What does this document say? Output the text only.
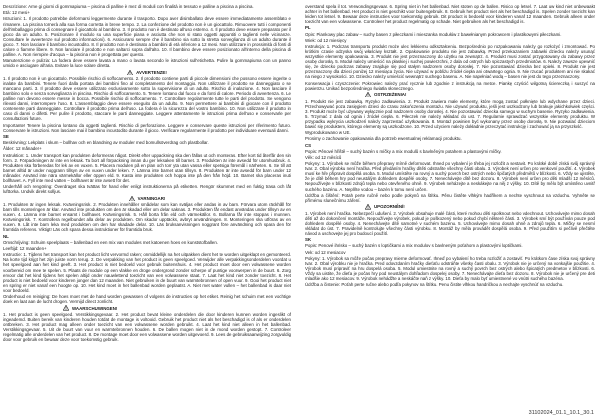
Descrizione: Arne gi giorni di gommapiuma – piscina di palline è mez di moduli con finalità in tessuto e palline a piscina a piscina.

Età: 12 mesi+

Istruzioni: 1. Il prodotto potrebbe deformarsi leggermente durante il trasporto. Dopo aver disimballato deve essere immediatamente assemblato e rimanere. La piscina tornerà alla sua forma corretta in breve tempo. 2. La confezione del prodotto non è un giocattolo. Rimuovere tutti i componenti dell'imballaggio prima di consegnare il giocattolo al bambino. 3. Il prodotto non è destinato all'uso esterno. 4. Il prodotto deve essere preparato per il gioco da un adulto. 5. Posizionare il modulo su una superficie piana e asciutta che non si stato oggetti appuntiti o taglienti nelle vicinanze. Consultare le avvertenze sul prodotto informazioni). 6. Assicurarsi sempre che il bambino sia sotto la stretta sorveglianza di un adulto durante il gioco. 7. Non lasciare il bambino incustodito. 8. Il prodotto non è destinato a bambini di età inferiore a 12 mesi. Non utilizzare in prossimità di fonti di calore o fiamme libere. 9. Non lanciare il prodotto e non saltarci sopra dall'alto. 10. Il bambino deve essere posizionato all'interno della piscina di palline. A. Non riempire d'acqua – la piscina non è progettata per questo.

Manutenzione e pulizia: La fodera deve essere lavata a mano o lavata secondo le istruzioni sull'etichetta. Pulire la gommapiuma con un panno umido e asciugare all'aria. Evitare la luce solare diretta.

AVVERTENZE!

1. Il prodotto non è un giocattolo. Possibile rischio di soffocamento. 2. Il prodotto contiene parti di piccole dimensioni che possono essere ingerite o inalate da bambini. Tenere fuori dalla portata dei bambini fino al completamento del montaggio. Non utilizzare il prodotto se danneggiato o se mancano parti. 3. Il prodotto deve essere utilizzato esclusivamente sotto la supervisione di un adulto. Rischio di inalazione. 4. Non lasciare il bambino solo e senza sorveglianza in piscina. Rischio di soffocamento. 5. Tenere lontano dal fuoco e da fonti di calore. Periodo di avvertenza. 6. Le palline non devono essere messe in bocca. Possibile rischio di soffocamento. 7. Controllare regolarmente tutte le parti del prodotto. Se vengono rilevati danni, interrompere l'uso. 8. L'assemblaggio deve essere eseguito da un adulto. 9. Non permettere ai bambini di giocare con il prodotto contenente parti danneggiate. Controllare il prodotto prima dell'uso. La fodera è la sicurezza del vostro bambino. 10. Non utilizzare il prodotto in caso di danni o difetti. Per pulire il prodotto, staccare le parti danneggiate. Leggere attentamente le istruzioni prima dell'uso e conservarle per consultazioni future.

Importante! Tenere la piscina lontano da oggetti taglienti. Rischio di perforazione. Leggere e conservare queste istruzioni per riferimento futuro. Conservare le istruzioni. Non lasciare mai il bambino incustodito durante il gioco. Verificare regolarmente il prodotto per individuare eventuali danni.

SE

Beskrivning: Lekplats i skum – bollhav och en blandning av moduler med bomullsöverdrag och plastbollar.

Ålder: 12 månader+

Instruktion: 1. Under transport kan produkten deformeras något. Direkt efter uppackning ska den fällas ut och monteras. Efter kort tid återfår den sin form. 2. Förpackningen är inte en leksak. Ta bort all förpackning innan du ger leksaken till barnet. 3. Produkten är inte avsedd för utomhusbruk. 4. Produkten ska förberedas för lek av en vuxen. 5. Placera modulen på en plan och torr yta utan vassa eller spetsiga föremål i närheten. 6. Se till att barnet alltid är under noggrann tillsyn av en vuxen under leken. 7. Lämna inte barnet utan tillsyn. 8. Produkten är inte avsedd för barn under 12 månader. Använd inte nära värmekällor eller öppen eld. 9. Kasta inte produkten och hoppa inte på den från höjd. 10. Barnet ska placeras inuti bollhavet. A. Fyll inte med vatten – bollhavet är inte avsett för det.

Underhåll och rengöring: Överdraget ska tvättas för hand eller enligt instruktionerna på etiketten. Rengör skummet med en fuktig trasa och låt lufttorka. Undvik direkt solljus.

VARNINGAR!

1. Produkten är ingen leksak. Kvävningsrisk. 2. Produkten innehåller smådelar som kan sväljas eller andas in av barn. Förvara utom räckhåll för barn tills monteringen är klar. Använd inte produkten om den är skadad eller om delar saknas. 3. Produkten får endast användas under tillsyn av en vuxen. 4. Lämna inte barnet ensamt i bollhavet. Kvävningsrisk. 5. Håll borta från eld och värmekällor. 6. Bollarna får inte stoppas i munnen. Kvävningsrisk. 7. Kontrollera regelbundet alla delar av produkten. Om skador upptäcks, avbryt användningen. 8. Monteringen ska utföras av en vuxen. 9. Låt inte barn leka med produkten om den har skadade delar. 10. Läs bruksanvisningen noggrant före användning och spara den för framtida referens. Viktigt! Läs och spara dessa instruktioner för framtida bruk.

NL

Omschrijving: Schuim speelplaats – ballenbad en een mix van modules met katoenen hoes en kunststofballen.

Leeftijd: 12 maanden+

Instructie: 1. Tijdens het transport kan het product licht vervormd raken; onmiddellijk na het uitpakken dient het te worden uitgeklapt en gemonteerd. Na korte tijd krijgt het zijn juiste vorm terug. 2. De verpakking van het product is geen speelgoed. Verwijder alle verpakkingsonderdelen voordat u het speelgoed aan het kind geeft. 3. Het product is niet bedoeld voor gebruik buitenshuis. 4. Het product moet door een volwassene worden voorbereid om mee te spelen. 5. Plaats de module op een vlakke en droge ondergrond zonder scherpe of puntige voorwerpen in de buurt. 6. Zorg ervoor dat het kind tijdens het spelen altijd onder nauwlettend toezicht van een volwassene staat. 7. Laat het kind niet zonder toezicht. 8. Het product is niet bedoeld voor kinderen jonger dan 12 maanden. Niet gebruiken in de buurt van warmtebronnen of open vuur. 9. Gooi het product niet en spring er niet vanaf een hoogte op. 10. Het kind moet in het ballenbad worden geplaatst. A. Niet met water vullen – het ballenbad is daar niet voor bedoeld.

Onderhoud en reiniging: De hoes moet met de hand worden gewassen of volgens de instructies op het etiket. Reinig het schuim met een vochtige doek en laat aan de lucht drogen. Vermijd direct zonlicht.

WAARSCHUWINGEN!

1. Het product is geen speelgoed. Verstikkingsgevaar. 2. Het product bevat kleine onderdelen die door kinderen kunnen worden ingeslikt of ingeademd. Buiten bereik van kinderen houden totdat de montage is voltooid. Gebruik het product niet als het beschadigd is of als er onderdelen ontbreken. 3. Het product mag alleen onder toezicht van een volwassene worden gebruikt. 4. Laat het kind niet alleen in het ballenbad. Verstikkingsgevaar. 5. Uit de buurt van vuur en warmtebronnen houden. 6. De ballen mogen niet in de mond worden gestopt. 7. Controleer regelmatig alle onderdelen van het product. 8. De montage moet door een volwassene worden uitgevoerd. 9. Lees de gebruiksaanwijzing zorgvuldig door voor gebruik en bewaar deze voor toekomstig gebruik.

overstand spela il tot. Verwondingsgevaar. 6. Spring niet in het ballenbad. Niet stoten op de ballen. Risico op letsel. 7. Laat uw kind niet onbewaakt achter in het ballenbad. Het product is niet geschikt voor buitengebruik. 8. Gebruik het product niet als het beschadigd is. Spelen zonder toezicht kan leiden tot letsel. 9. Bewaar deze instructies voor toekomstig gebruik. Dit product is bedoeld voor kinderen vanaf 12 maanden. Gebruik alleen onder toezicht van een volwassene. Controleer het product regelmatig op schade. Niet gebruiken als het beschadigd is.

PL

Opis: Piankowy plac zabaw – suchy basen z piłeczkami i mieszanka modułów z bawełnianym pokrowcem i plastikowymi piłeczkami.

Wiek: od 12 miesięcy

Instrukcja: 1. Podczas transportu produkt może ulec lekkiemu odkształceniu. Bezpośrednio po rozpakowaniu należy go rozłożyć i zmontować. Po krótkim czasie odzyska swój właściwy kształt. 2. Opakowanie produktu nie jest zabawką. Przed przekazaniem zabawki dziecku należy usunąć wszystkie elementy opakowania. 3. Produkt nie jest przeznaczony do użytku na zewnątrz. 4. Produkt musi zostać przygotowany do zabawy przez osobę dorosłą. 5. Moduł należy umieścić na płaskiej i suchej powierzchni, z dala od ostrych lub spiczastych przedmiotów. 6. Należy zawsze upewnić się, że dziecko podczas zabawy znajduje się pod stałym nadzorem osoby dorosłej. 7. Nie pozostawiać dziecka bez opieki. 8. Produkt nie jest przeznaczony dla dzieci poniżej 12 miesiąca życia. Nie używać w pobliżu źródeł ciepła ani otwartego ognia. 9. Nie rzucać produktem ani nie skakać na niego z wysokości. 10. Dziecko należy umieścić wewnątrz suchego basenu. A. Nie napełniać wodą – basen nie jest do tego przeznaczony.

Konserwacja i czyszczenie: Pokrowiec należy prać ręcznie lub zgodnie z instrukcją na metce. Piankę czyścić wilgotną ściereczką i suszyć na powietrzu. Unikać bezpośredniego światła słonecznego.

OSTRZEŻENIA!

1. Produkt nie jest zabawką. Ryzyko zadławienia. 2. Produkt zawiera małe elementy, które mogą zostać połknięte lub wdychane przez dzieci. Przechowywać poza zasięgiem dzieci do czasu zakończenia montażu. Nie używać produktu, jeśli jest uszkodzony lub brakuje jakichkolwiek części. 3. Produkt może być używany wyłącznie pod nadzorem osoby dorosłej. 4. Nie pozostawiać dziecka samego w suchym basenie. Ryzyko zadławienia. 5. Trzymać z dala od ognia i źródeł ciepła. 6. Piłeczek nie należy wkładać do ust. 7. Regularnie sprawdzać wszystkie elementy produktu. W przypadku wykrycia uszkodzeń należy zaprzestać użytkowania. 8. Montaż powinien być wykonany przez osobę dorosłą. 9. Nie pozwalać dzieciom bawić się produktem, którego elementy są uszkodzone. 10. Przed użyciem należy dokładnie przeczytać instrukcję i zachować ją na przyszłość.

Wyprodukowano w UE.

Prosimy o zachowanie opakowania dla potrzeb ewentualnej reklamacji produktu.

CS

Popis: Pěnové hřiště – suchý bazén s míčky a mix modulů s bavlněným potahem a plastovými míčky.

Věk: od 12 měsíců

Pokyny: 1. Výrobek se může během přepravy mírně deformovat. Ihned po vybalení je třeba jej rozložit a sestavit. Po krátké době získá svůj správný tvar. 2. Obal výrobku není hračka. Před předáním hračky dítěti odstraňte všechny části obalu. 3. Výrobek není určen pro venkovní použití. 4. Výrobek musí ke hře připravit dospělá osoba. 5. Modul umístěte na rovný a suchý povrch bez ostrých nebo špičatých předmětů v blízkosti. 6. Vždy se ujistěte, že je dítě během hry pod neustálým dohledem dospělé osoby. 7. Nenechávejte dítě bez dozoru. 8. Výrobek není určen pro děti mladší 12 měsíců. Nepoužívejte v blízkosti zdrojů tepla nebo otevřeného ohně. 9. Výrobek neházejte a neskákejte na něj z výšky. 10. Dítě by mělo být umístěno uvnitř suchého bazénu. A. Neplňte vodou – bazén k tomu není určen.

Údržba a čištění: Potah perte ručně nebo podle pokynů na štítku. Pěnu čistěte vlhkým hadříkem a nechte vyschnout na vzduchu. Vyhněte se přímému slunečnímu záření.

UPOZORNĚNÍ!

1. Výrobek není hračka. Nebezpečí udušení. 2. Výrobek obsahuje malé části, které mohou děti spolknout nebo vdechnout. Uchovávejte mimo dosah dětí až do dokončení montáže. Nepoužívejte výrobek, pokud je poškozený nebo pokud chybí některé části. 3. Výrobek smí být používán pouze pod dohledem dospělé osoby. 4. Nenechávejte dítě samotné v suchém bazénu. 5. Uchovávejte mimo dosah ohně a zdrojů tepla. 6. Míčky se nesmí vkládat do úst. 7. Pravidelně kontrolujte všechny části výrobku. 8. Montáž by měla provádět dospělá osoba. 9. Před použitím si pečlivě přečtěte návod a uschovejte jej pro budoucí použití.

SK

Popis: Penové ihrisko – suchý bazén s loptičkami a mix modulov s bavlneným poťahom a plastovými loptičkami.

Vek: od 12 mesiacov

Pokyny: 1. Výrobok sa môže počas prepravy mierne deformovať. Ihneď po vybalení ho treba rozložiť a zostaviť. Po krátkom čase získa svoj správny tvar. 2. Obal výrobku nie je hračka. Pred odovzdaním hračky dieťaťu odstráňte všetky časti obalu. 3. Výrobok nie je určený na vonkajšie použitie. 4. Výrobok musí pripraviť na hru dospelá osoba. 5. Modul umiestnite na rovný a suchý povrch bez ostrých alebo špicatých predmetov v blízkosti. 6. Vždy sa uistite, že dieťa je počas hry pod neustálym dohľadom dospelej osoby. 7. Nenechávajte dieťa bez dozoru. 8. Výrobok nie je určený pre deti mladšie ako 12 mesiacov. 9. Výrobok nehádžte a neskáčte naň z výšky. 10. Dieťa by malo byť umiestnené vo vnútri suchého bazéna.

Údržba a čistenie: Poťah perte ručne alebo podľa pokynov na štítku. Penu čistite vlhkou handričkou a nechajte vyschnúť na vzduchu.

31102024_01.1_10.1_30.1
